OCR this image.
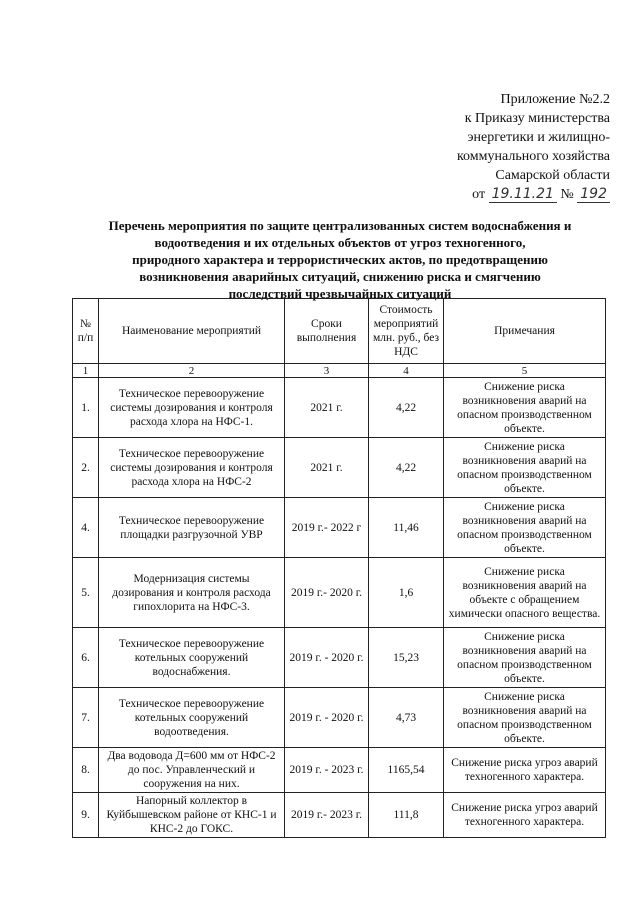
Приложение №2.2
к Приказу министерства
энергетики и жилищно-
коммунального хозяйства
Самарской области
от 19.11.21 № 192
Перечень мероприятия по защите централизованных систем водоснабжения и
водоотведения и их отдельных объектов от угроз техногенного,
природного характера и террористических актов, по предотвращению
возникновения аварийных ситуаций, снижению риска и смягчению
последствий чрезвычайных ситуаций
№ п/п	Наименование мероприятий	Сроки выполнения	Стоимость мероприятий млн. руб., без НДС	Примечания
1	2	3	4	5
1.	Техническое перевооружение системы дозирования и контроля расхода хлора на НФС-1.	2021 г.	4,22	Снижение риска возникновения аварий на опасном производственном объекте.
2.	Техническое перевооружение системы дозирования и контроля расхода хлора на НФС-2	2021 г.	4,22	Снижение риска возникновения аварий на опасном производственном объекте.
4.	Техническое перевооружение площадки разгрузочной УВР	2019 г.- 2022 г	11,46	Снижение риска возникновения аварий на опасном производственном объекте.
5.	Модернизация системы дозирования и контроля расхода гипохлорита на НФС-3.	2019 г.- 2020 г.	1,6	Снижение риска возникновения аварий на объекте с обращением химически опасного вещества.
6.	Техническое перевооружение котельных сооружений водоснабжения.	2019 г. - 2020 г.	15,23	Снижение риска возникновения аварий на опасном производственном объекте.
7.	Техническое перевооружение котельных сооружений водоотведения.	2019 г. - 2020 г.	4,73	Снижение риска возникновения аварий на опасном производственном объекте.
8.	Два водовода Д=600 мм от НФС-2 до пос. Управленческий и сооружения на них.	2019 г. - 2023 г.	1165,54	Снижение риска угроз аварий техногенного характера.
9.	Напорный коллектор в Куйбышевском районе от КНС-1 и КНС-2 до ГОКС.	2019 г.- 2023 г.	111,8	Снижение риска угроз аварий техногенного характера.
